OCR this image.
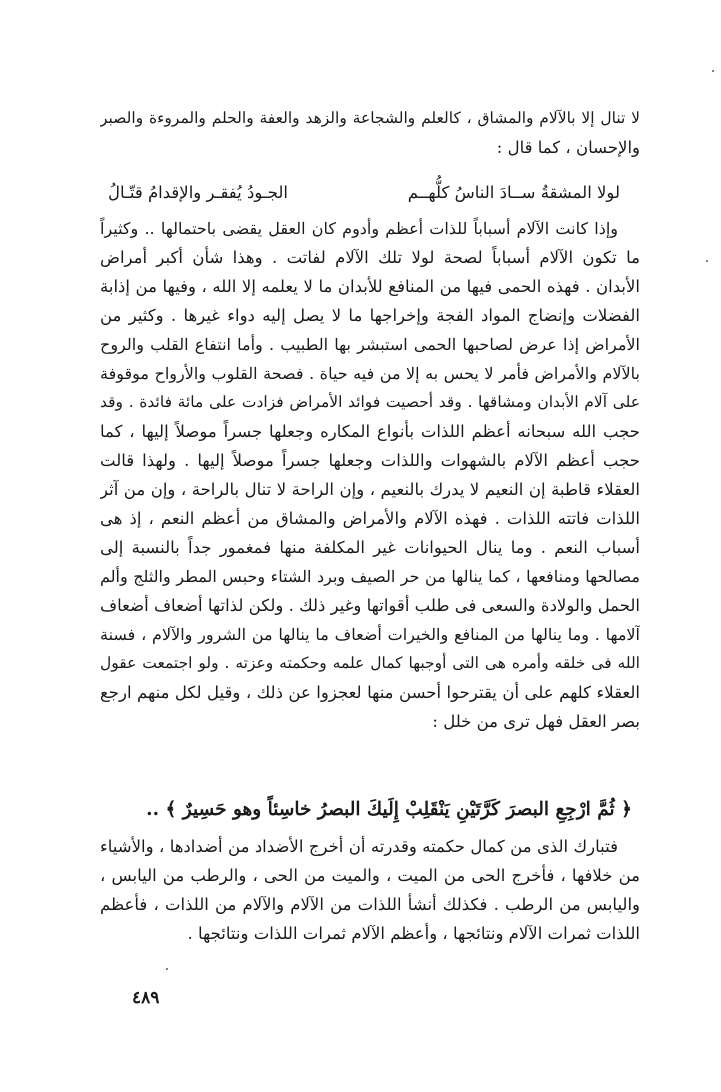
لا تنال إلا بالآلام والمشاق ، كالعلم والشجاعة والزهد والعفة والحلم والمروءة والصبر
والإحسان ، كما قال :
لولا المشقةُ ســادَ الناسُ كلُّهــم
الجـودُ يُفقـر والإقدامُ قتّـالُ
وإذا كانت الآلام أسباباً للذات أعظم وأدوم كان العقل يقضى باحتمالها .. وكثيراً
ما تكون الآلام أسباباً لصحة لولا تلك الآلام لفاتت . وهذا شأن أكبر أمراض
الأبدان . فهذه الحمى فيها من المنافع للأبدان ما لا يعلمه إلا الله ، وفيها من إذابة
الفضلات وإنضاج المواد الفجة وإخراجها ما لا يصل إليه دواء غيرها . وكثير من
الأمراض إذا عرض لصاحبها الحمى استبشر بها الطبيب . وأما انتفاع القلب والروح
بالآلام والأمراض فأمر لا يحس به إلا من فيه حياة . فصحة القلوب والأرواح موقوفة
على آلام الأبدان ومشاقها . وقد أحصيت فوائد الأمراض فزادت على مائة فائدة . وقد
حجب الله سبحانه أعظم اللذات بأنواع المكاره وجعلها جسراً موصلاً إليها ، كما
حجب أعظم الآلام بالشهوات واللذات وجعلها جسراً موصلاً إليها . ولهذا قالت
العقلاء قاطبة إن النعيم لا يدرك بالنعيم ، وإن الراحة لا تنال بالراحة ، وإن من آثر
اللذات فاتته اللذات . فهذه الآلام والأمراض والمشاق من أعظم النعم ، إذ هى
أسباب النعم . وما ينال الحيوانات غير المكلفة منها فمغمور جداً بالنسبة إلى
مصالحها ومنافعها ، كما ينالها من حر الصيف وبرد الشتاء وحبس المطر والثلج وألم
الحمل والولادة والسعى فى طلب أقواتها وغير ذلك . ولكن لذاتها أضعاف أضعاف
آلامها . وما ينالها من المنافع والخيرات أضعاف ما ينالها من الشرور والآلام ، فسنة
الله فى خلقه وأمره هى التى أوجبها كمال علمه وحكمته وعزته . ولو اجتمعت عقول
العقلاء كلهم على أن يقترحوا أحسن منها لعجزوا عن ذلك ، وقيل لكل منهم ارجع
بصر العقل فهل ترى من خلل :
﴿ ثُمَّ ارْجِعِ البصرَ كَرَّتَيْنِ يَنْقَلِبْ إِلَيكَ البصرُ خاسِئاً وهو حَسِيرٌ ﴾ ..
فتبارك الذى من كمال حكمته وقدرته أن أخرج الأضداد من أضدادها ، والأشياء
من خلافها ، فأخرج الحى من الميت ، والميت من الحى ، والرطب من اليابس ،
واليابس من الرطب . فكذلك أنشأ اللذات من الآلام والآلام من اللذات ، فأعظم
اللذات ثمرات الآلام ونتائجها ، وأعظم الآلام ثمرات اللذات ونتائجها .
٤٨٩
